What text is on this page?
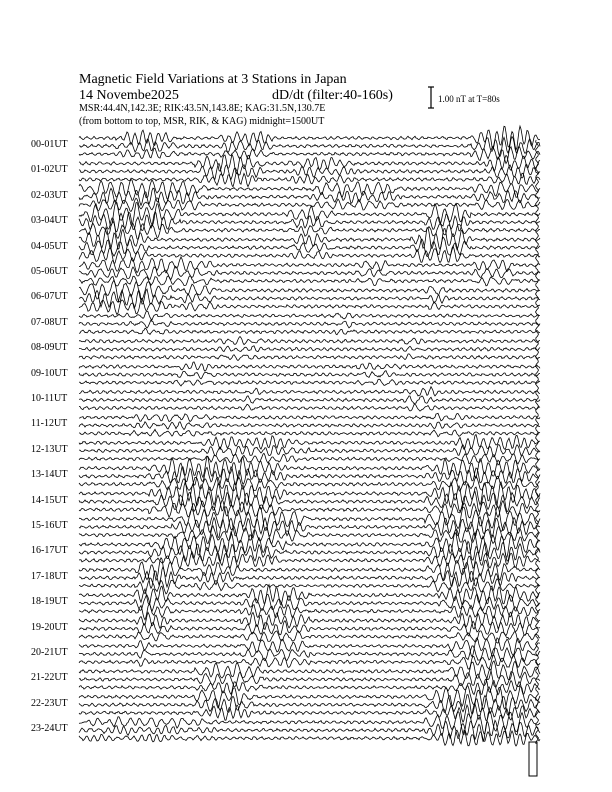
Magnetic Field Variations at 3 Stations in Japan
14 Novembe2025	dD/dt (filter:40-160s)
MSR:44.4N,142.3E; RIK:43.5N,143.8E; KAG:31.5N,130.7E
(from bottom to top, MSR, RIK, & KAG) midnight=1500UT
1.00 nT at T=80s
00-01UT
01-02UT
02-03UT
03-04UT
04-05UT
05-06UT
06-07UT
07-08UT
08-09UT
09-10UT
10-11UT
11-12UT
12-13UT
13-14UT
14-15UT
15-16UT
16-17UT
17-18UT
18-19UT
19-20UT
20-21UT
21-22UT
22-23UT
23-24UT
